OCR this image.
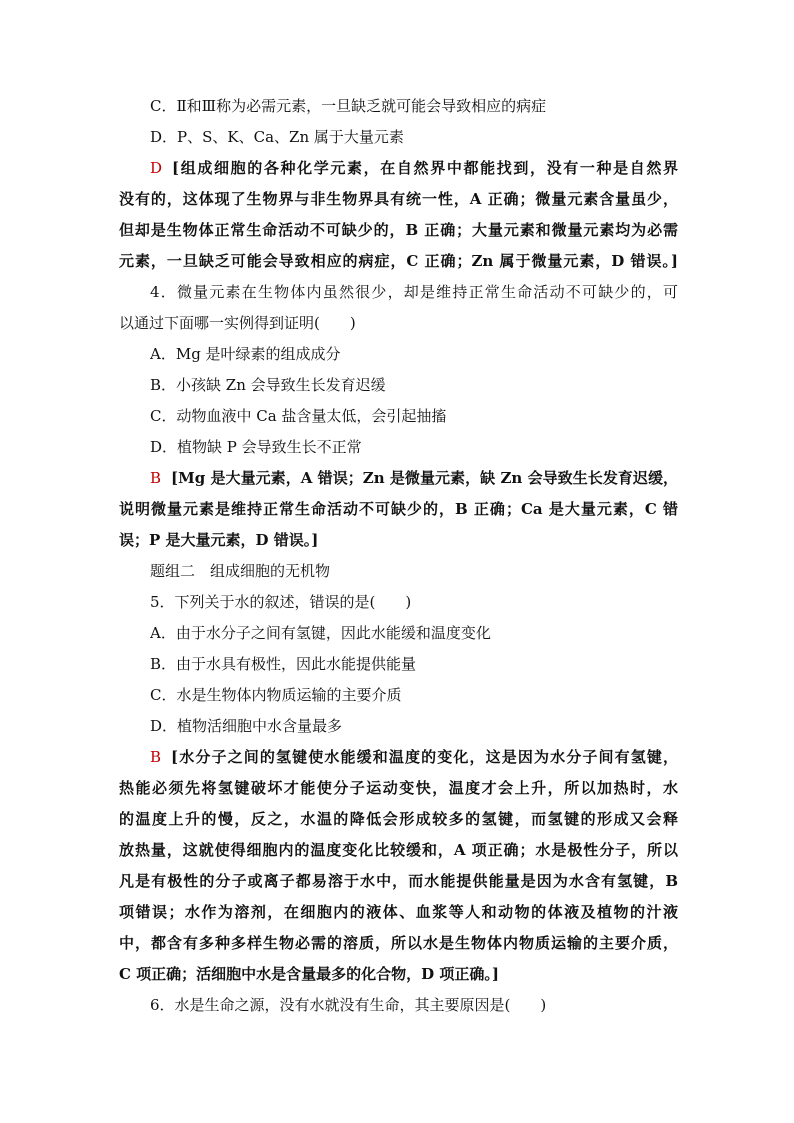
C．Ⅱ和Ⅲ称为必需元素，一旦缺乏就可能会导致相应的病症
D．P、S、K、Ca、Zn 属于大量元素
D [组成细胞的各种化学元素，在自然界中都能找到，没有一种是自然界
没有的，这体现了生物界与非生物界具有统一性，A 正确；微量元素含量虽少，
但却是生物体正常生命活动不可缺少的，B 正确；大量元素和微量元素均为必需
元素，一旦缺乏可能会导致相应的病症，C 正确；Zn 属于微量元素，D 错误。]
4．微量元素在生物体内虽然很少，却是维持正常生命活动不可缺少的，可
以通过下面哪一实例得到证明(　　)
A．Mg 是叶绿素的组成成分
B．小孩缺 Zn 会导致生长发育迟缓
C．动物血液中 Ca 盐含量太低，会引起抽搐
D．植物缺 P 会导致生长不正常
B [Mg 是大量元素，A 错误；Zn 是微量元素，缺 Zn 会导致生长发育迟缓，
说明微量元素是维持正常生命活动不可缺少的，B 正确；Ca 是大量元素，C 错
误；P 是大量元素，D 错误。]
题组二　组成细胞的无机物
5．下列关于水的叙述，错误的是(　　)
A．由于水分子之间有氢键，因此水能缓和温度变化
B．由于水具有极性，因此水能提供能量
C．水是生物体内物质运输的主要介质
D．植物活细胞中水含量最多
B [水分子之间的氢键使水能缓和温度的变化，这是因为水分子间有氢键，
热能必须先将氢键破坏才能使分子运动变快，温度才会上升，所以加热时，水
的温度上升的慢，反之，水温的降低会形成较多的氢键，而氢键的形成又会释
放热量，这就使得细胞内的温度变化比较缓和，A 项正确；水是极性分子，所以
凡是有极性的分子或离子都易溶于水中，而水能提供能量是因为水含有氢键，B
项错误；水作为溶剂，在细胞内的液体、血浆等人和动物的体液及植物的汁液
中，都含有多种多样生物必需的溶质，所以水是生物体内物质运输的主要介质，
C 项正确；活细胞中水是含量最多的化合物，D 项正确。]
6．水是生命之源，没有水就没有生命，其主要原因是(　　)
